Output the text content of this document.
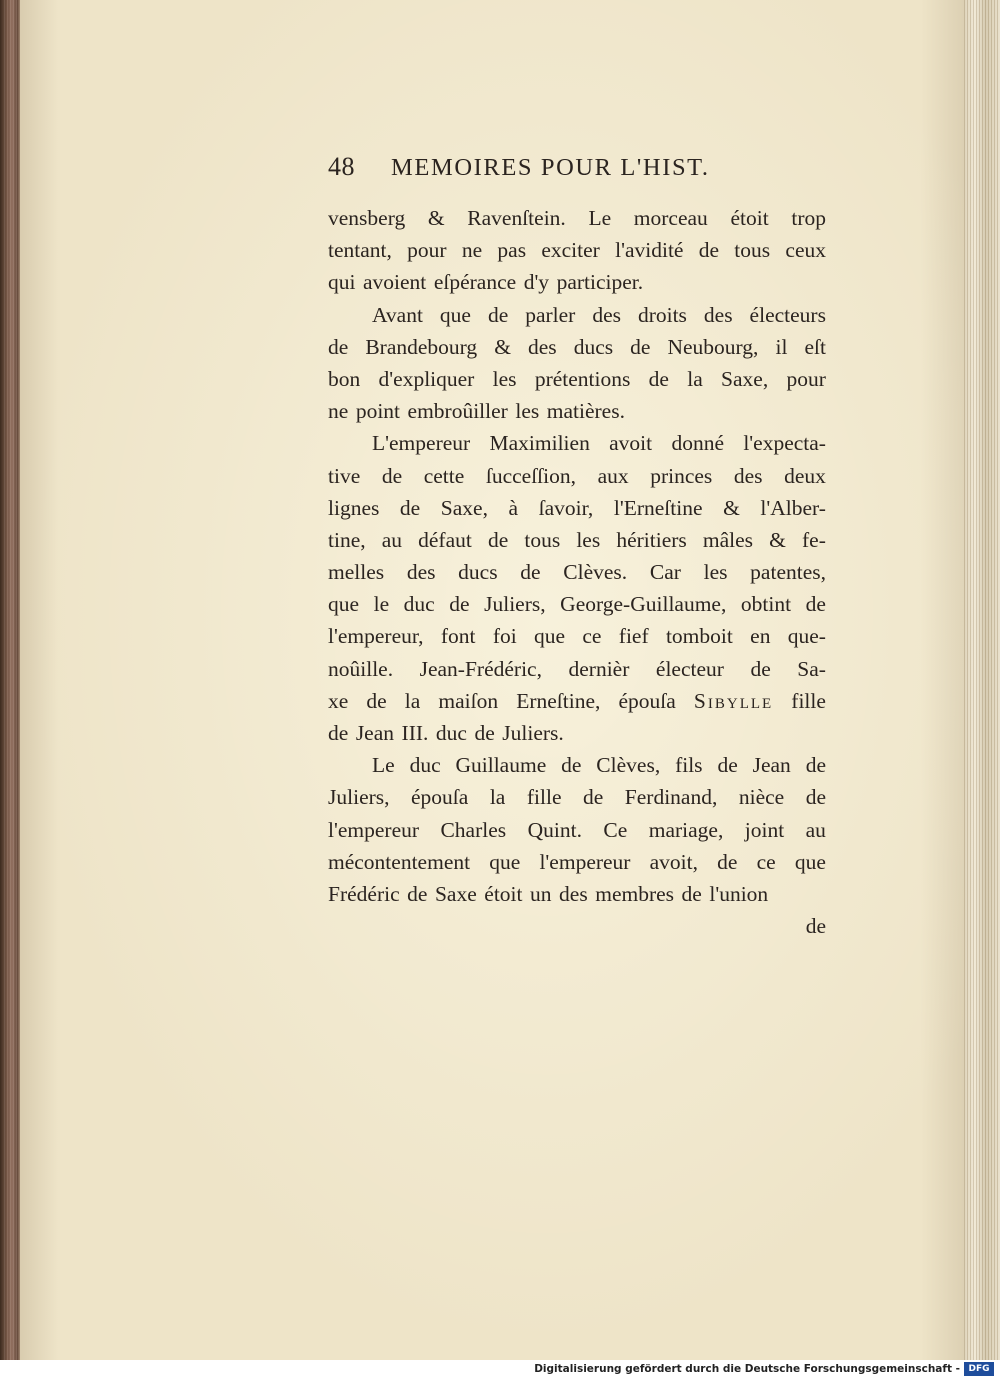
48 MEMOIRES POUR L'HIST.
vensberg & Ravenſtein. Le morceau étoit trop
tentant, pour ne pas exciter l'avidité de tous ceux
qui avoient eſpérance d'y participer.
Avant que de parler des droits des électeurs
de Brandebourg & des ducs de Neubourg, il eſt
bon d'expliquer les prétentions de la Saxe, pour
ne point embroûiller les matières.
L'empereur Maximilien avoit donné l'expecta-
tive de cette ſucceſſion, aux princes des deux
lignes de Saxe, à ſavoir, l'Erneſtine & l'Alber-
tine, au défaut de tous les héritiers mâles & fe-
melles des ducs de Clèves. Car les patentes,
que le duc de Juliers, George-Guillaume, obtint de
l'empereur, font foi que ce fief tomboit en que-
noûille. Jean-Frédéric, dernièr électeur de Sa-
xe de la maiſon Erneſtine, épouſa Sibylle fille
de Jean III. duc de Juliers.
Le duc Guillaume de Clèves, fils de Jean de
Juliers, épouſa la fille de Ferdinand, nièce de
l'empereur Charles Quint. Ce mariage, joint au
mécontentement que l'empereur avoit, de ce que
Frédéric de Saxe étoit un des membres de l'union
de
Digitalisierung gefördert durch die Deutsche Forschungsgemeinschaft - DFG
